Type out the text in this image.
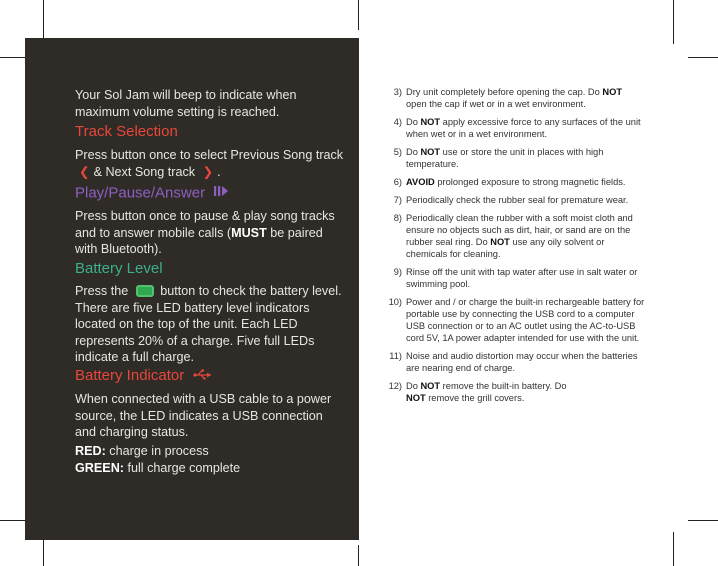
Your Sol Jam will beep to indicate when maximum volume setting is reached.
Track Selection
Press button once to select Previous Song track ❮ & Next Song track ❯ .
Play/Pause/Answer
Press button once to pause & play song tracks and to answer mobile calls (MUST be paired with Bluetooth).
Battery Level
Press the	button to check the battery level. There are five LED battery level indicators located on the top of the unit. Each LED represents 20% of a charge. Five full LEDs indicate a full charge.
Battery Indicator
When connected with a USB cable to a power source, the LED indicates a USB connection and charging status.
RED: charge in process
GREEN: full charge complete
3) Dry unit completely before opening the cap. Do NOT open the cap if wet or in a wet environment.
4) Do NOT apply excessive force to any surfaces of the unit when wet or in a wet environment.
5) Do NOT use or store the unit in places with high temperature.
6) AVOID prolonged exposure to strong magnetic fields.
7) Periodically check the rubber seal for premature wear.
8) Periodically clean the rubber with a soft moist cloth and ensure no objects such as dirt, hair, or sand are on the rubber seal ring. Do NOT use any oily solvent or chemicals for cleaning.
9) Rinse off the unit with tap water after use in salt water or swimming pool.
10) Power and / or charge the built-in rechargeable battery for portable use by connecting the USB cord to a computer USB connection or to an AC outlet using the AC-to-USB cord 5V, 1A power adapter intended for use with the unit.
11) Noise and audio distortion may occur when the batteries are nearing end of charge.
12) Do NOT remove the built-in battery. Do
NOT remove the grill covers.
